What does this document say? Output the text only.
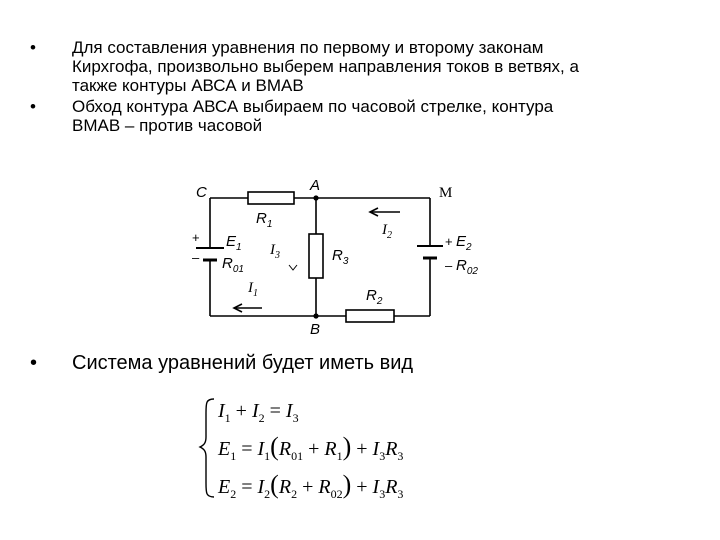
• Для составления уравнения по первому и второму законам
Кирхгофа, произвольно выберем направления токов в ветвях, а
также контуры АВСА и ВМАВ
• Обход контура АВСА выбираем по часовой стрелке, контура
ВМАВ – против часовой
C	A
B
M
$R_1$
$R_3$
$R_2$
$E_1$
$R_{01}$
$E_2$
$R_{02}$
+
–
+
–
$I_2$
$I_3$
$I_1$
• Система уравнений будет иметь вид
$I_1 + I_2 = I_3$
$E_1 = I_1(R_{01} + R_1) + I_3R_3$
$E_2 = I_2(R_2 + R_{02}) + I_3R_3$
